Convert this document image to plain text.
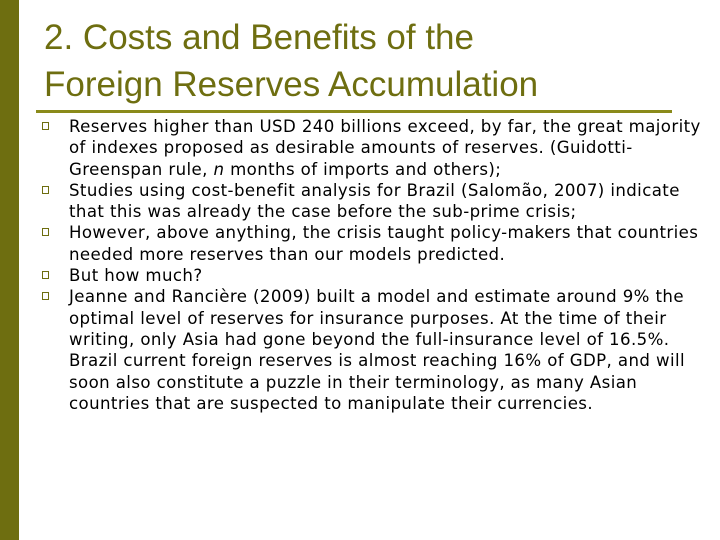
2. Costs and Benefits of the
Foreign Reserves Accumulation
Reserves higher than USD 240 billions exceed, by far, the great majority of indexes proposed as desirable amounts of reserves. (Guidotti-Greenspan rule, n months of imports and others);
Studies using cost-benefit analysis for Brazil (Salomão, 2007) indicate that this was already the case before the sub-prime crisis;
However, above anything, the crisis taught policy-makers that countries needed more reserves than our models predicted.
But how much?
Jeanne and Rancière (2009) built a model and estimate around 9% the optimal level of reserves for insurance purposes. At the time of their writing, only Asia had gone beyond the full-insurance level of 16.5%. Brazil current foreign reserves is almost reaching 16% of GDP, and will soon also constitute a puzzle in their terminology, as many Asian countries that are suspected to manipulate their currencies.
